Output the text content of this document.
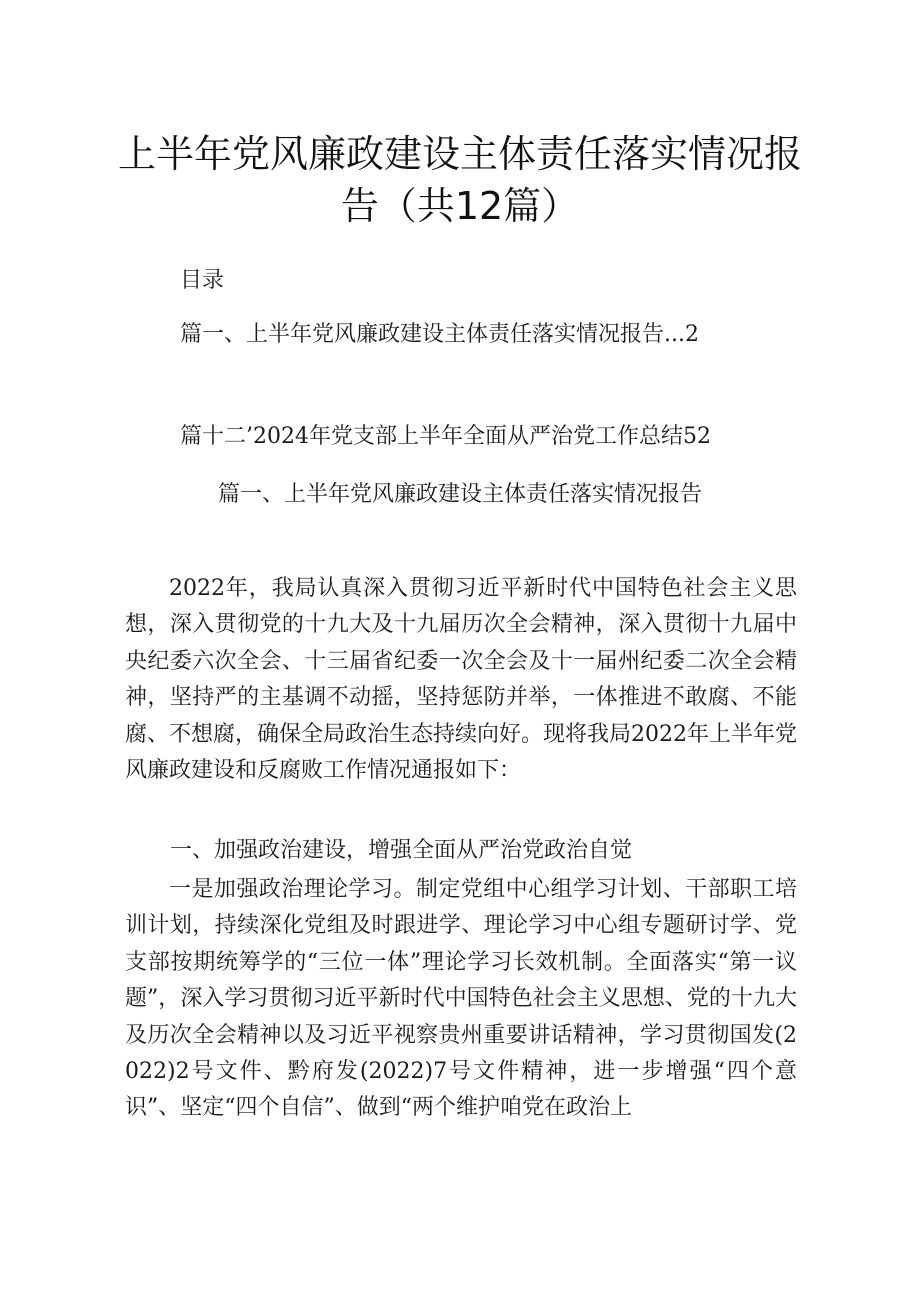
上半年党风廉政建设主体责任落实情况报
告（共12篇）
目录
篇一、上半年党风廉政建设主体责任落实情况报告...2
篇十二’2024年党支部上半年全面从严治党工作总结52
篇一、上半年党风廉政建设主体责任落实情况报告
2022年，我局认真深入贯彻习近平新时代中国特色社会主义思想，深入贯彻党的十九大及十九届历次全会精神，深入贯彻十九届中央纪委六次全会、十三届省纪委一次全会及十一届州纪委二次全会精神，坚持严的主基调不动摇，坚持惩防并举，一体推进不敢腐、不能腐、不想腐，确保全局政治生态持续向好。现将我局2022年上半年党风廉政建设和反腐败工作情况通报如下：
一、加强政治建设，增强全面从严治党政治自觉
一是加强政治理论学习。制定党组中心组学习计划、干部职工培训计划，持续深化党组及时跟进学、理论学习中心组专题研讨学、党支部按期统筹学的“三位一体”理论学习长效机制。全面落实“第一议题”，深入学习贯彻习近平新时代中国特色社会主义思想、党的十九大及历次全会精神以及习近平视察贵州重要讲话精神，学习贯彻国发(2022)2号文件、黔府发(2022)7号文件精神，进一步增强“四个意识”、坚定“四个自信”、做到“两个维护咱党在政治上
